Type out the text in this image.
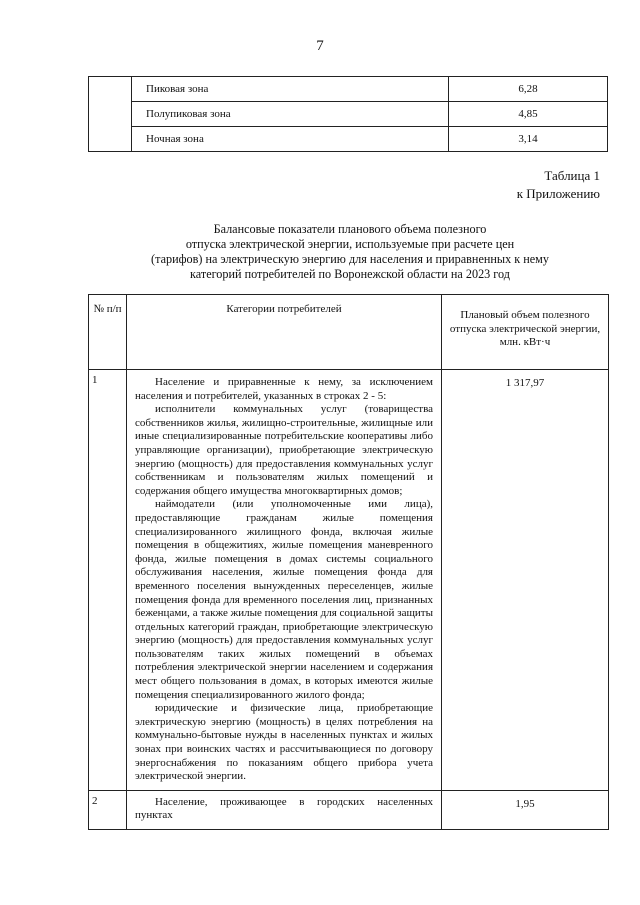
7
	Пиковая зона	6,28
	Полупиковая зона	4,85
	Ночная зона	3,14
Таблица 1
к Приложению
Балансовые показатели планового объема полезного
отпуска электрической энергии, используемые при расчете цен
(тарифов) на электрическую энергию для населения и приравненных к нему
категорий потребителей по Воронежской области на 2023 год
№ п/п	Категории потребителей	Плановый объем полезного отпуска электрической энергии, млн. кВт·ч
1	Население и приравненные к нему, за исключением населения и потребителей, указанных в строках 2 - 5:

исполнители коммунальных услуг (товарищества собственников жилья, жилищно-строительные, жилищные или иные специализированные потребительские кооперативы либо управляющие организации), приобретающие электрическую энергию (мощность) для предоставления коммунальных услуг собственникам и пользователям жилых помещений и содержания общего имущества многоквартирных домов;

наймодатели (или уполномоченные ими лица), предоставляющие гражданам жилые помещения специализированного жилищного фонда, включая жилые помещения в общежитиях, жилые помещения маневренного фонда, жилые помещения в домах системы социального обслуживания населения, жилые помещения фонда для временного поселения вынужденных переселенцев, жилые помещения фонда для временного поселения лиц, признанных беженцами, а также жилые помещения для социальной защиты отдельных категорий граждан, приобретающие электрическую энергию (мощность) для предоставления коммунальных услуг пользователям таких жилых помещений в объемах потребления электрической энергии населением и содержания мест общего пользования в домах, в которых имеются жилые помещения специализированного жилого фонда;

юридические и физические лица, приобретающие электрическую энергию (мощность) в целях потребления на коммунально-бытовые нужды в населенных пунктах и жилых зонах при воинских частях и рассчитывающиеся по договору энергоснабжения по показаниям общего прибора учета электрической энергии.	1 317,97

2	Население, проживающее в городских населенных пунктах	1,95
